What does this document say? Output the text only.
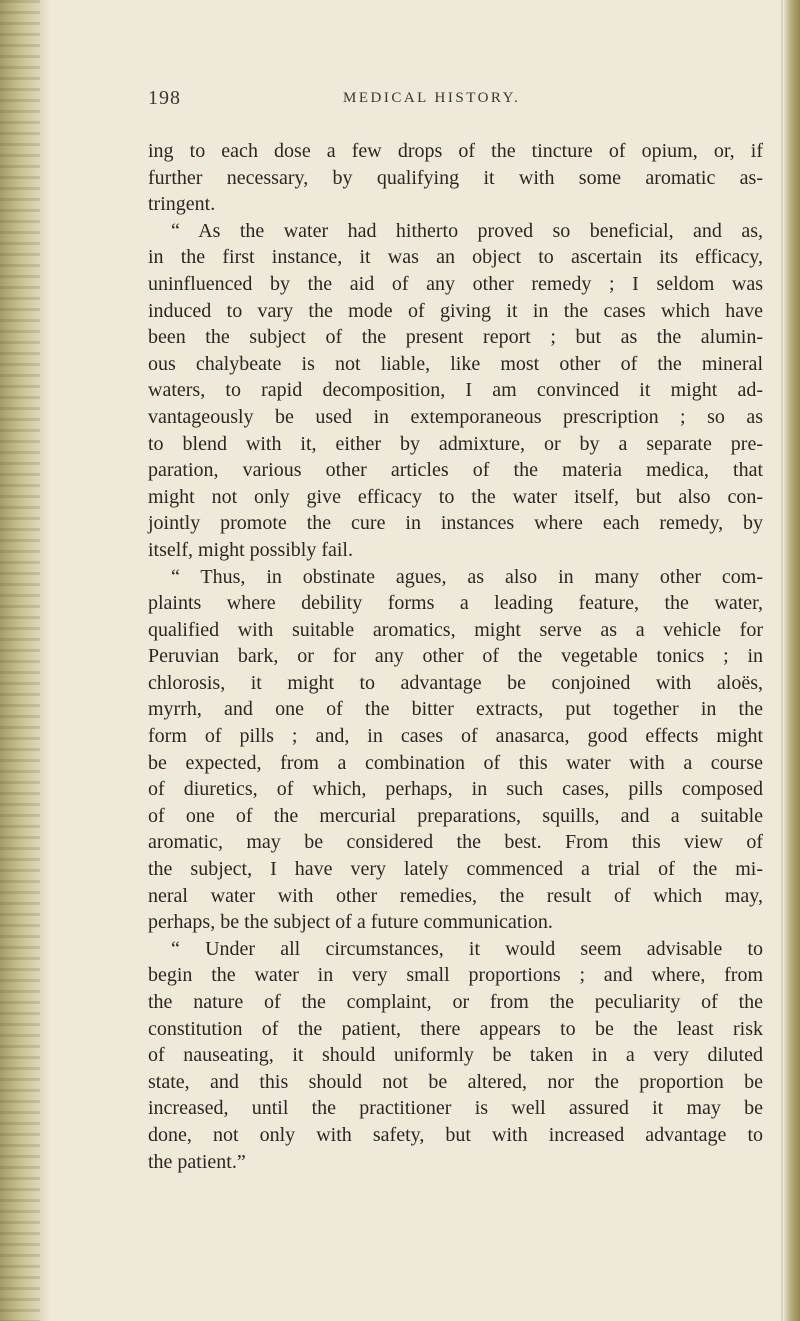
198	MEDICAL HISTORY.
ing to each dose a few drops of the tincture of opium, or, if
further necessary, by qualifying it with some aromatic as-
tringent.
“ As the water had hitherto proved so beneficial, and as,
in the first instance, it was an object to ascertain its efficacy,
uninfluenced by the aid of any other remedy ; I seldom was
induced to vary the mode of giving it in the cases which have
been the subject of the present report ; but as the alumin-
ous chalybeate is not liable, like most other of the mineral
waters, to rapid decomposition, I am convinced it might ad-
vantageously be used in extemporaneous prescription ; so as
to blend with it, either by admixture, or by a separate pre-
paration, various other articles of the materia medica, that
might not only give efficacy to the water itself, but also con-
jointly promote the cure in instances where each remedy, by
itself, might possibly fail.
“ Thus, in obstinate agues, as also in many other com-
plaints where debility forms a leading feature, the water,
qualified with suitable aromatics, might serve as a vehicle for
Peruvian bark, or for any other of the vegetable tonics ; in
chlorosis, it might to advantage be conjoined with aloës,
myrrh, and one of the bitter extracts, put together in the
form of pills ; and, in cases of anasarca, good effects might
be expected, from a combination of this water with a course
of diuretics, of which, perhaps, in such cases, pills composed
of one of the mercurial preparations, squills, and a suitable
aromatic, may be considered the best. From this view of
the subject, I have very lately commenced a trial of the mi-
neral water with other remedies, the result of which may,
perhaps, be the subject of a future communication.
“ Under all circumstances, it would seem advisable to
begin the water in very small proportions ; and where, from
the nature of the complaint, or from the peculiarity of the
constitution of the patient, there appears to be the least risk
of nauseating, it should uniformly be taken in a very diluted
state, and this should not be altered, nor the proportion be
increased, until the practitioner is well assured it may be
done, not only with safety, but with increased advantage to
the patient.”
